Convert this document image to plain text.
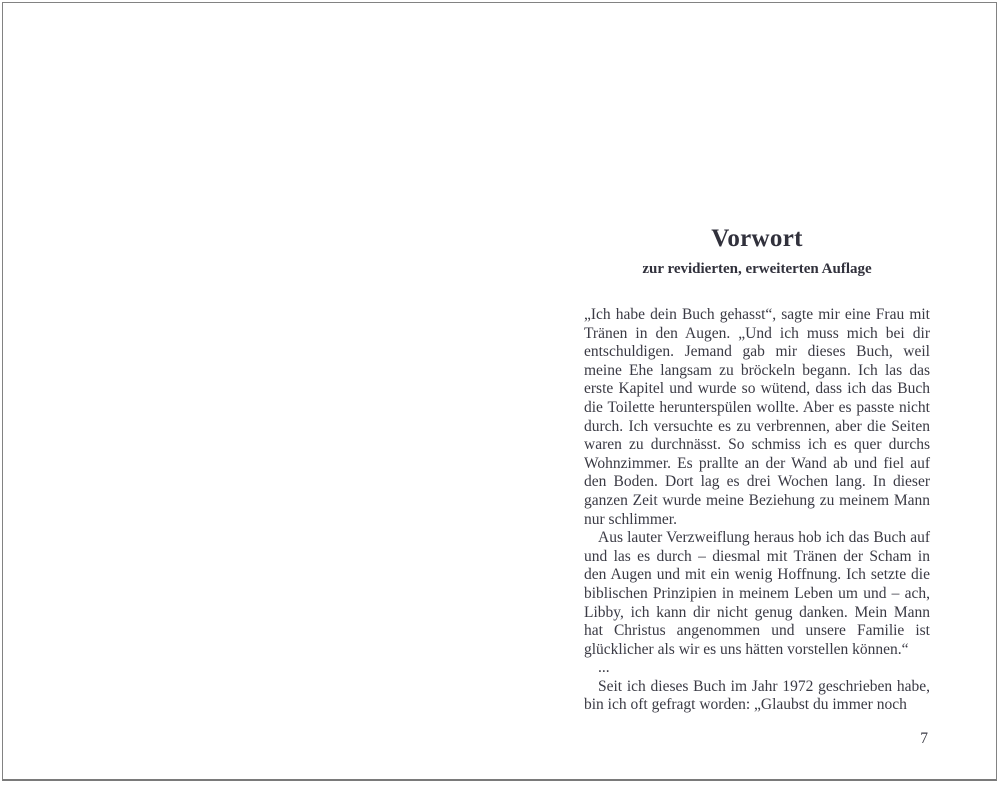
Vorwort
zur revidierten, erweiterten Auflage

„Ich habe dein Buch gehasst“, sagte mir eine Frau mit Tränen in den Augen. „Und ich muss mich bei dir entschuldigen. Jemand gab mir dieses Buch, weil meine Ehe langsam zu bröckeln begann. Ich las das erste Kapitel und wurde so wütend, dass ich das Buch die Toilette herunterspülen wollte. Aber es passte nicht durch. Ich versuchte es zu verbrennen, aber die Seiten waren zu durchnässt. So schmiss ich es quer durchs Wohnzimmer. Es prallte an der Wand ab und fiel auf den Boden. Dort lag es drei Wochen lang. In dieser ganzen Zeit wurde meine Beziehung zu meinem Mann nur schlimmer.

Aus lauter Verzweiflung heraus hob ich das Buch auf und las es durch – diesmal mit Tränen der Scham in den Augen und mit ein wenig Hoffnung. Ich setzte die biblischen Prinzipien in meinem Leben um und – ach, Libby, ich kann dir nicht genug danken. Mein Mann hat Christus angenommen und unsere Familie ist glücklicher als wir es uns hätten vorstellen können.“

...

Seit ich dieses Buch im Jahr 1972 geschrieben habe, bin ich oft gefragt worden: „Glaubst du immer noch

7
